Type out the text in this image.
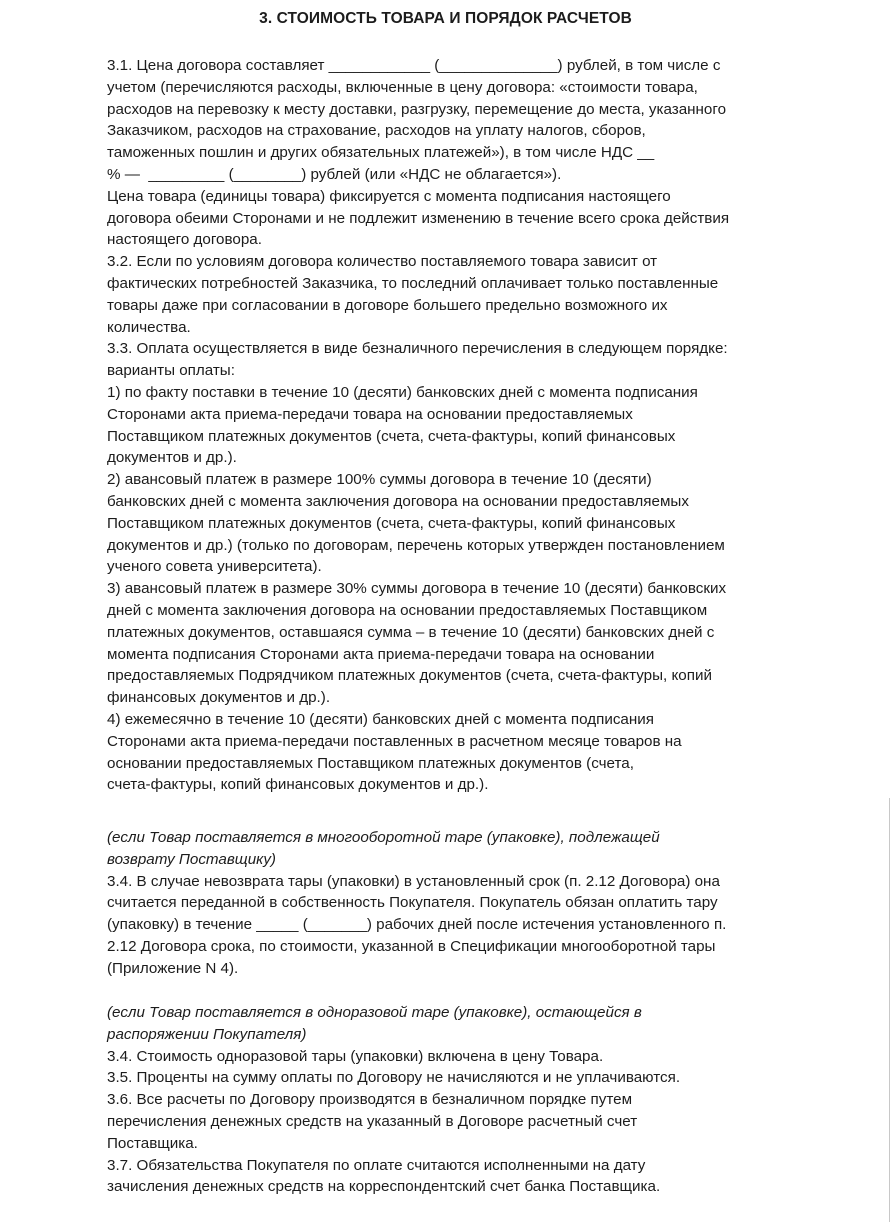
3. СТОИМОСТЬ ТОВАРА И ПОРЯДОК РАСЧЕТОВ
3.1. Цена договора составляет ____________ (______________) рублей, в том числе с
учетом (перечисляются расходы, включенные в цену договора: «стоимости товара,
расходов на перевозку к месту доставки, разгрузку, перемещение до места, указанного
Заказчиком, расходов на страхование, расходов на уплату налогов, сборов,
таможенных пошлин и других обязательных платежей»), в том числе НДС __
% —  _________ (________) рублей (или «НДС не облагается»).
Цена товара (единицы товара) фиксируется с момента подписания настоящего
договора обеими Сторонами и не подлежит изменению в течение всего срока действия
настоящего договора.
3.2. Если по условиям договора количество поставляемого товара зависит от
фактических потребностей Заказчика, то последний оплачивает только поставленные
товары даже при согласовании в договоре большего предельно возможного их
количества.
3.3. Оплата осуществляется в виде безналичного перечисления в следующем порядке:
варианты оплаты:
1) по факту поставки в течение 10 (десяти) банковских дней с момента подписания
Сторонами акта приема-передачи товара на основании предоставляемых
Поставщиком платежных документов (счета, счета-фактуры, копий финансовых
документов и др.).
2) авансовый платеж в размере 100% суммы договора в течение 10 (десяти)
банковских дней с момента заключения договора на основании предоставляемых
Поставщиком платежных документов (счета, счета-фактуры, копий финансовых
документов и др.) (только по договорам, перечень которых утвержден постановлением
ученого совета университета).
3) авансовый платеж в размере 30% суммы договора в течение 10 (десяти) банковских
дней с момента заключения договора на основании предоставляемых Поставщиком
платежных документов, оставшаяся сумма – в течение 10 (десяти) банковских дней с
момента подписания Сторонами акта приема-передачи товара на основании
предоставляемых Подрядчиком платежных документов (счета, счета-фактуры, копий
финансовых документов и др.).
4) ежемесячно в течение 10 (десяти) банковских дней с момента подписания
Сторонами акта приема-передачи поставленных в расчетном месяце товаров на
основании предоставляемых Поставщиком платежных документов (счета,
счета-фактуры, копий финансовых документов и др.).
(если Товар поставляется в многооборотной таре (упаковке), подлежащей
возврату Поставщику)
3.4. В случае невозврата тары (упаковки) в установленный срок (п. 2.12 Договора) она
считается переданной в собственность Покупателя. Покупатель обязан оплатить тару
(упаковку) в течение _____ (_______) рабочих дней после истечения установленного п.
2.12 Договора срока, по стоимости, указанной в Спецификации многооборотной тары
(Приложение N 4).
(если Товар поставляется в одноразовой таре (упаковке), остающейся в
распоряжении Покупателя)
3.4. Стоимость одноразовой тары (упаковки) включена в цену Товара.
3.5. Проценты на сумму оплаты по Договору не начисляются и не уплачиваются.
3.6. Все расчеты по Договору производятся в безналичном порядке путем
перечисления денежных средств на указанный в Договоре расчетный счет
Поставщика.
3.7. Обязательства Покупателя по оплате считаются исполненными на дату
зачисления денежных средств на корреспондентский счет банка Поставщика.
